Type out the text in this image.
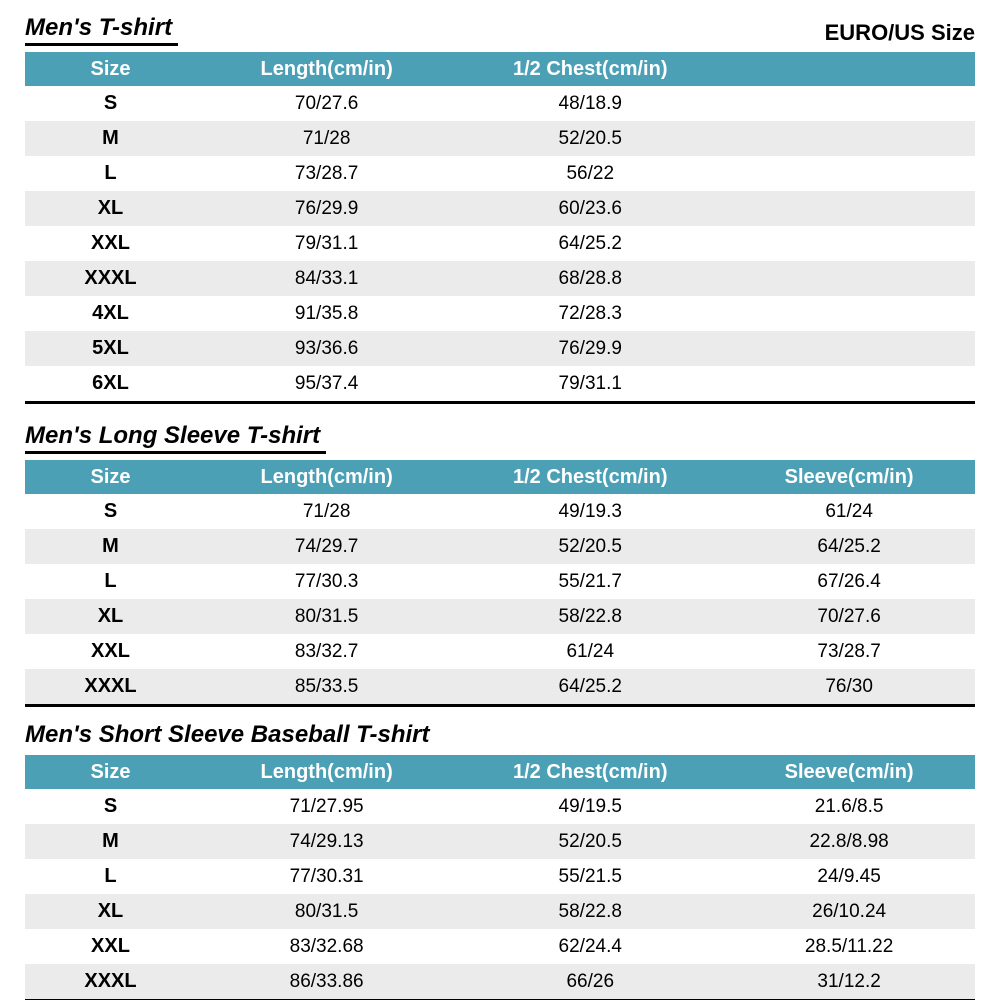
Men's T-shirt	EURO/US Size
Size	Length(cm/in)	1/2 Chest(cm/in)	
S	70/27.6	48/18.9	
M	71/28	52/20.5	
L	73/28.7	56/22	
XL	76/29.9	60/23.6	
XXL	79/31.1	64/25.2	
XXXL	84/33.1	68/28.8	
4XL	91/35.8	72/28.3	
5XL	93/36.6	76/29.9	
6XL	95/37.4	79/31.1	
Men's Long Sleeve T-shirt
Size	Length(cm/in)	1/2 Chest(cm/in)	Sleeve(cm/in)
S	71/28	49/19.3	61/24
M	74/29.7	52/20.5	64/25.2
L	77/30.3	55/21.7	67/26.4
XL	80/31.5	58/22.8	70/27.6
XXL	83/32.7	61/24	73/28.7
XXXL	85/33.5	64/25.2	76/30
Men's Short Sleeve Baseball T-shirt
Size	Length(cm/in)	1/2 Chest(cm/in)	Sleeve(cm/in)
S	71/27.95	49/19.5	21.6/8.5
M	74/29.13	52/20.5	22.8/8.98
L	77/30.31	55/21.5	24/9.45
XL	80/31.5	58/22.8	26/10.24
XXL	83/32.68	62/24.4	28.5/11.22
XXXL	86/33.86	66/26	31/12.2
